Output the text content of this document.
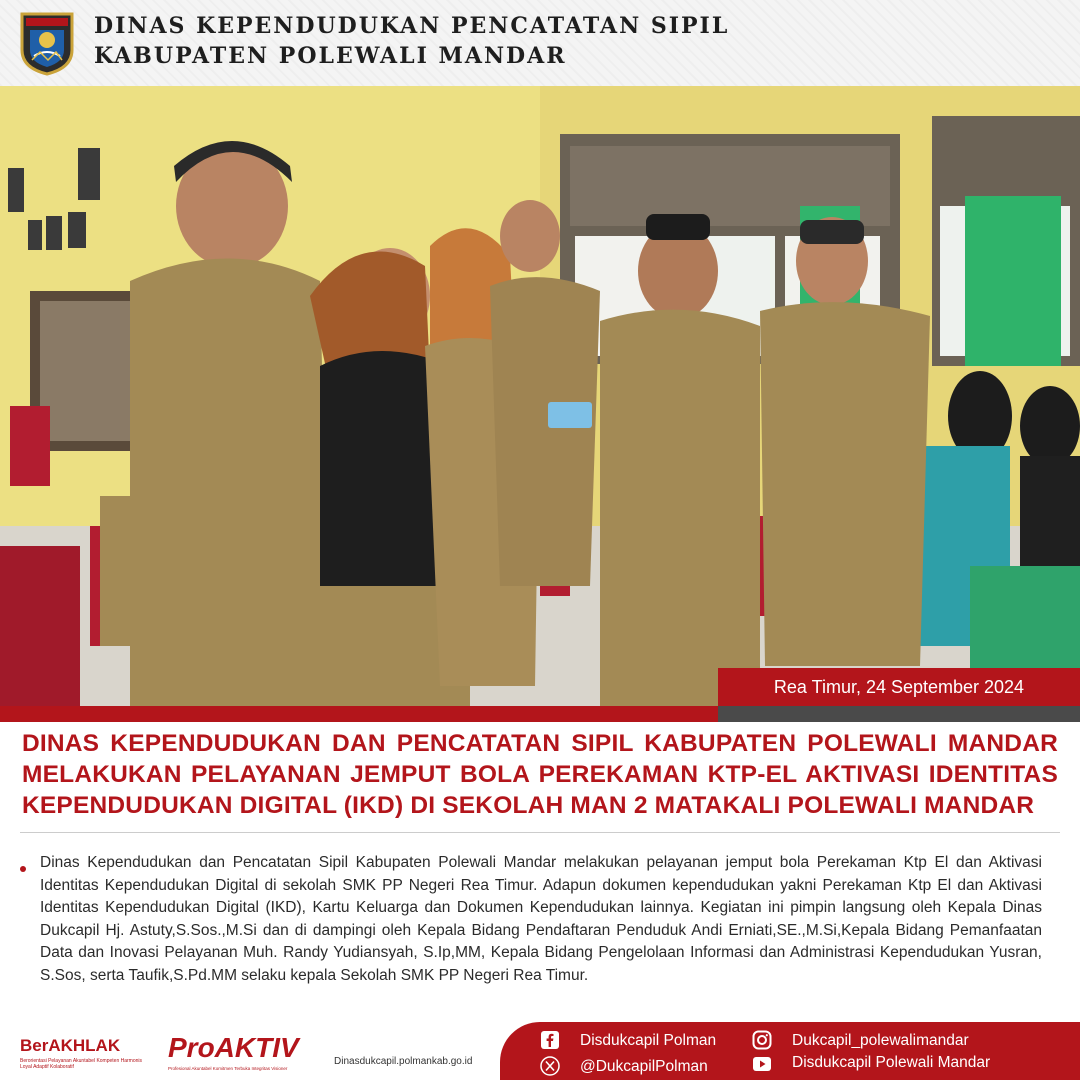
DINAS KEPENDUDUKAN PENCATATAN SIPIL
KABUPATEN POLEWALI MANDAR
Rea Timur, 24 September 2024
DINAS KEPENDUDUKAN DAN PENCATATAN SIPIL KABUPATEN POLEWALI MANDAR
MELAKUKAN PELAYANAN JEMPUT BOLA PEREKAMAN KTP-EL AKTIVASI IDENTITAS
KEPENDUDUKAN DIGITAL (IKD) DI SEKOLAH MAN 2 MATAKALI POLEWALI MANDAR
Dinas Kependudukan dan Pencatatan Sipil Kabupaten Polewali Mandar melakukan pelayanan jemput bola Perekaman Ktp El dan Aktivasi Identitas Kependudukan Digital di sekolah SMK PP Negeri Rea Timur. Adapun dokumen kependudukan yakni Perekaman Ktp El dan Aktivasi Identitas Kependudukan Digital (IKD), Kartu Keluarga dan Dokumen Kependudukan lainnya. Kegiatan ini pimpin langsung oleh Kepala Dinas Dukcapil Hj. Astuty,S.Sos.,M.Si dan di dampingi oleh Kepala Bidang Pendaftaran Penduduk Andi Erniati,SE.,M.Si,Kepala Bidang Pemanfaatan Data dan Inovasi Pelayanan Muh. Randy Yudiansyah, S.Ip,MM, Kepala Bidang Pengelolaan Informasi dan Administrasi Kependudukan Yusran, S.Sos, serta Taufik,S.Pd.MM selaku kepala Sekolah SMK PP Negeri Rea Timur.
BerAKHLAK
Berorientasi Pelayanan Akuntabel Kompeten Harmonis Loyal Adaptif Kolaboratif
ProAKTIV
Profesional Akuntabel Komitmen Terbuka Integritas Visioner
Dinasdukcapil.polmankab.go.id
Disdukcapil Polman
@DukcapilPolman
Dukcapil_polewalimandar
Disdukcapil Polewali Mandar
